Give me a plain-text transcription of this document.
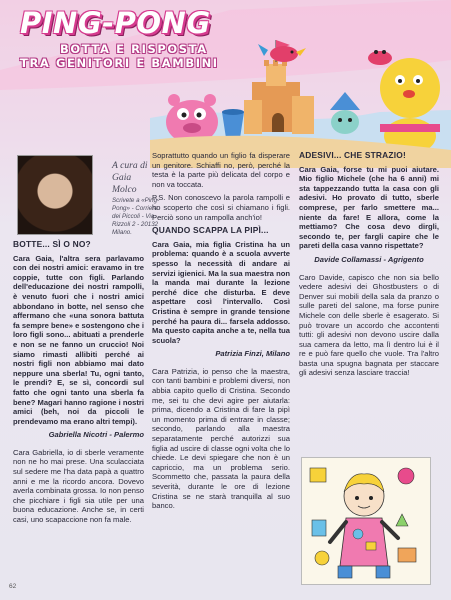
PING-PONG
BOTTA E RISPOSTA
TRA GENITORI E BAMBINI
A cura di Gaia Molco
Scrivete a «Ping-Pong» - Corriere dei Piccoli - Via Rizzoli 2 - 20132 Milano.
BOTTE... SÌ O NO?

Cara Gaia, l'altra sera parlavamo con dei nostri amici: eravamo in tre coppie, tutte con figli. Parlando dell'educazione dei nostri rampolli, è venuto fuori che i nostri amici abbondano in botte, nel senso che affermano che «una sonora battuta fa sempre bene» e sostengono che i loro figli sono... abituati a prenderle e non se ne fanno un cruccio! Noi siamo rimasti allibiti perché ai nostri figli non abbiamo mai dato neppure una sberla! Tu, ogni tanto, le prendi? E, se sì, concordi sul fatto che ogni tanto una sberla fa bene? Magari hanno ragione i nostri amici (beh, noi da piccoli le prendevamo ma erano altri tempi).

Gabriella Nicotri - Palermo

Cara Gabriella, io di sberle veramente non ne ho mai prese. Una sculacciata sul sedere me l'ha data papà a quattro anni e me la ricordo ancora. Dovevo averla combinata grossa. Io non penso che picchiare i figli sia utile per una buona educazione. Anche se, in certi casi, uno scapaccione non fa male.

Soprattutto quando un figlio fa disperare un genitore. Schiaffi no, però, perché la testa è la parte più delicata del corpo e non va toccata.

P.S. Non conoscevo la parola rampolli e ho scoperto che così si chiamano i figli. Perciò sono un rampolla anch'io!

QUANDO SCAPPA LA PIPÌ...

Cara Gaia, mia figlia Cristina ha un problema: quando è a scuola avverte spesso la necessità di andare ai servizi igienici. Ma la sua maestra non la manda mai durante la lezione perché dice che disturba. E deve aspettare così l'intervallo. Così Cristina è sempre in grande tensione perché ha paura di... farsela addosso. Ma questo capita anche a te, nella tua scuola?

Patrizia Finzi, Milano

Cara Patrizia, io penso che la maestra, con tanti bambini e problemi diversi, non abbia capito quello di Cristina. Secondo me, sei tu che devi agire per aiutarla: prima, dicendo a Cristina di fare la pipì un momento prima di entrare in classe; secondo, parlando alla maestra separatamente perché autorizzi sua figlia ad uscire di classe ogni volta che lo chiede. Le devi spiegare che non è un capriccio, ma un problema serio. Scommetto che, passata la paura della severità, durante le ore di lezione Cristina se ne starà tranquilla al suo banco.

ADESIVI... CHE STRAZIO!

Cara Gaia, forse tu mi puoi aiutare. Mio figlio Michele (che ha 6 anni) mi sta tappezzando tutta la casa con gli adesivi. Ho provato di tutto, sberle comprese, per farlo smettere ma... niente da fare! E allora, come la mettiamo? Che cosa devo dirgli, secondo te, per fargli capire che le pareti della casa vanno rispettate?

Davide Collamassi - Agrigento

Caro Davide, capisco che non sia bello vedere adesivi dei Ghostbusters o di Denver sui mobili della sala da pranzo o sulle pareti del salone, ma forse punire Michele con delle sberle è esagerato. Si può trovare un accordo che accontenti tutti: gli adesivi non devono uscire dalla sua camera da letto, ma lì dentro lui è il re e può fare quello che vuole. Tra l'altro basta una spugna bagnata per staccare gli adesivi senza lasciare traccia!

62
